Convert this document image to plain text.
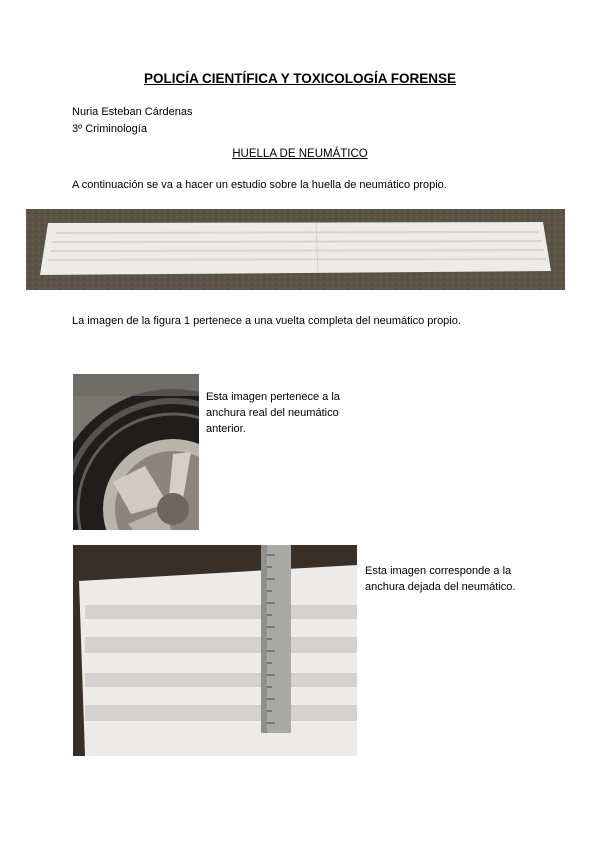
POLICÍA CIENTÍFICA Y TOXICOLOGÍA FORENSE
Nuria Esteban Cárdenas
3º Criminología
HUELLA DE NEUMÁTICO
A continuación se va a hacer un estudio sobre la huella de neumático propio.
La imagen de la figura 1 pertenece a una vuelta completa del neumático propio.
Esta imagen pertenece a la
anchura real del neumático
anterior.
Esta imagen corresponde a la
anchura dejada del neumático.
